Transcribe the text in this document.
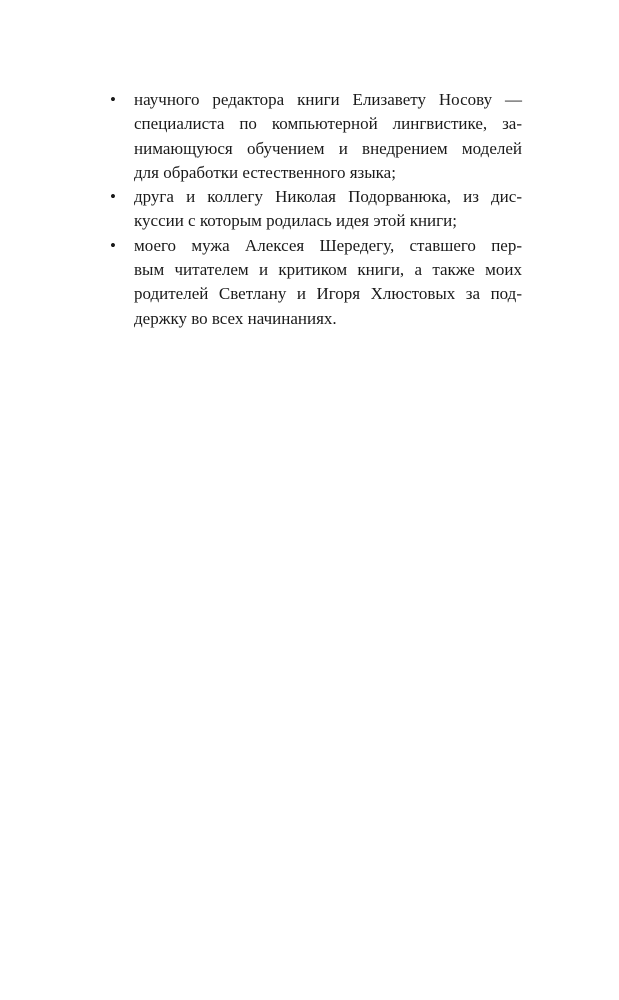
• научного редактора книги Елизавету Носову —
специалиста по компьютерной лингвистике, за-
нимающуюся обучением и внедрением моделей
для обработки естественного языка;
• друга и коллегу Николая Подорванюка, из дис-
куссии с которым родилась идея этой книги;
• моего мужа Алексея Шередегу, ставшего пер-
вым читателем и критиком книги, а также моих
родителей Светлану и Игоря Хлюстовых за под-
держку во всех начинаниях.
